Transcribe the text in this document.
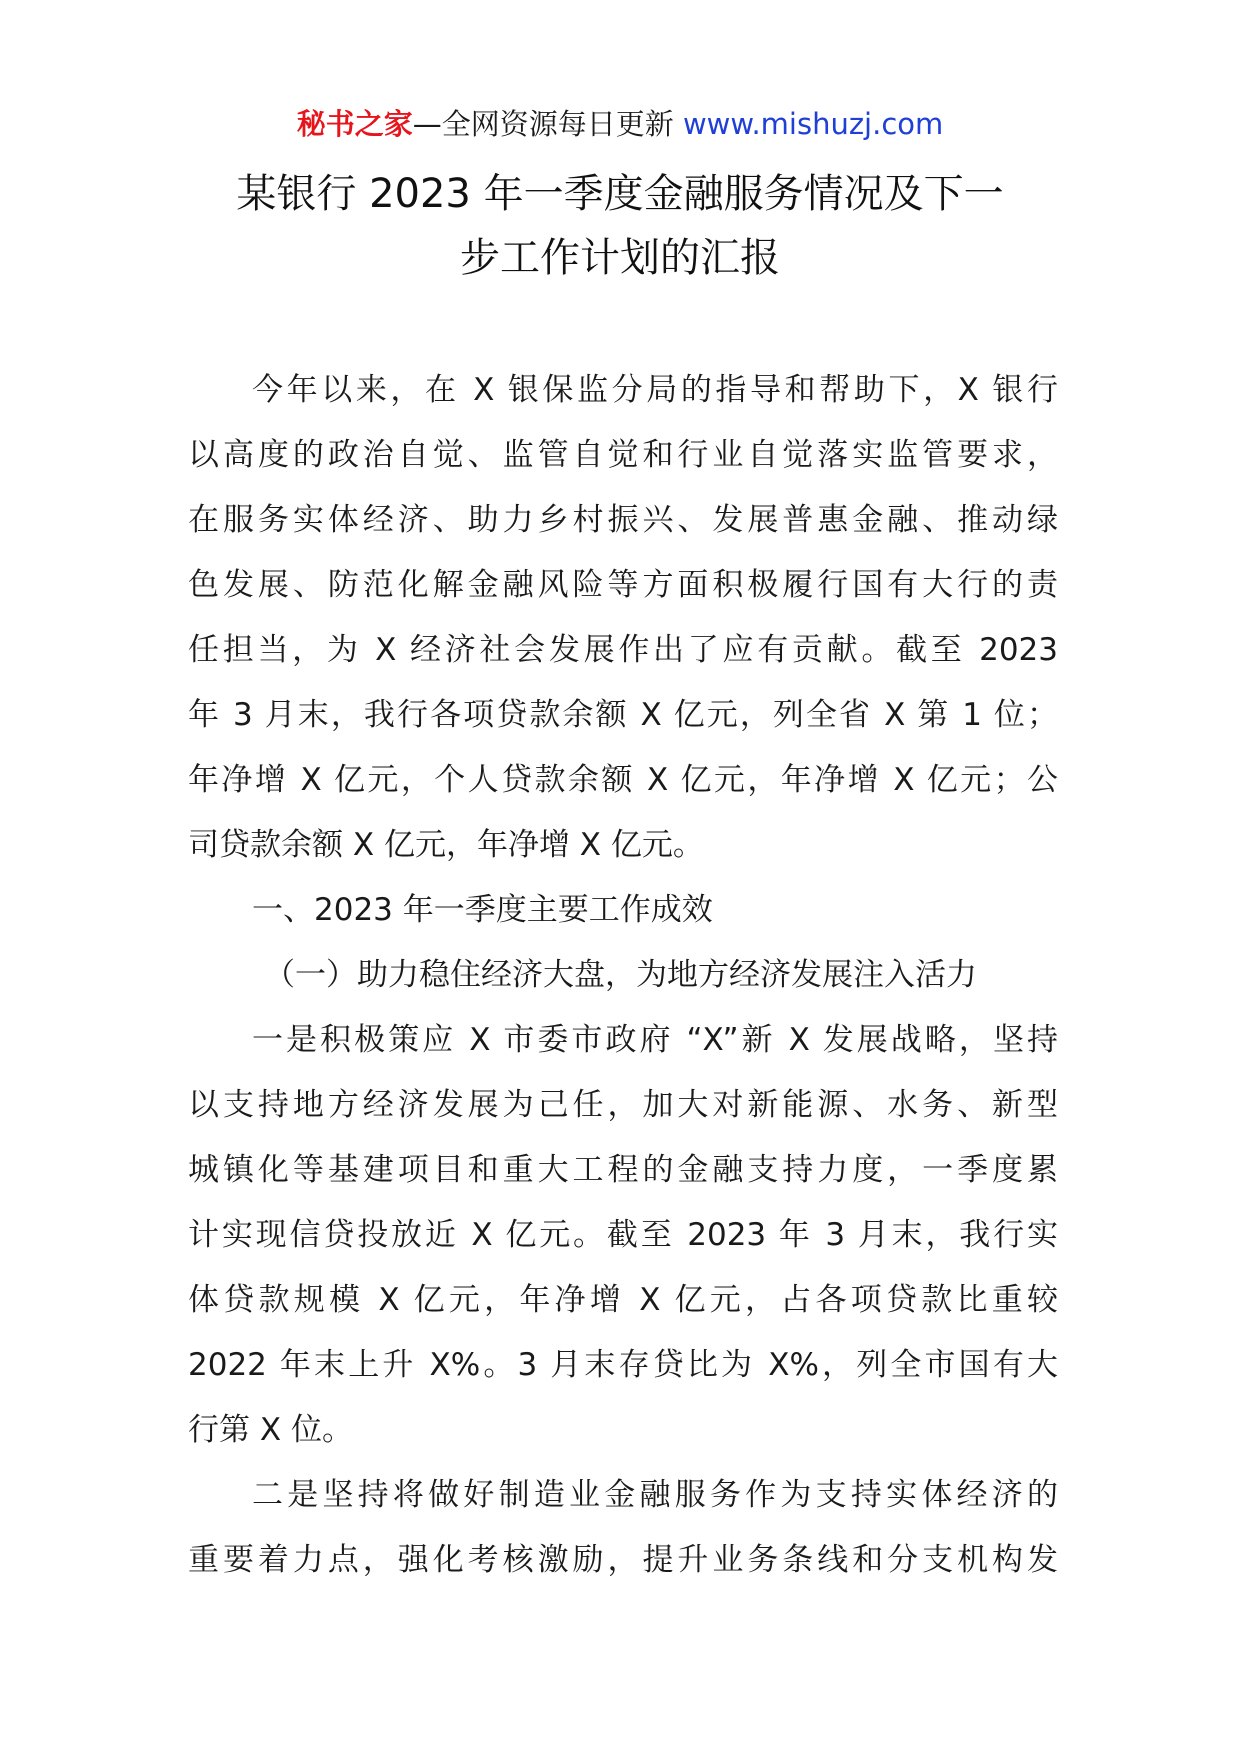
秘书之家—全网资源每日更新 www.mishuzj.com
某银行 2023 年一季度金融服务情况及下一
步工作计划的汇报
今年以来，在 X 银保监分局的指导和帮助下，X 银行
以高度的政治自觉、监管自觉和行业自觉落实监管要求，
在服务实体经济、助力乡村振兴、发展普惠金融、推动绿
色发展、防范化解金融风险等方面积极履行国有大行的责
任担当，为 X 经济社会发展作出了应有贡献。截至 2023
年 3 月末，我行各项贷款余额 X 亿元，列全省 X 第 1 位；
年净增 X 亿元，个人贷款余额 X 亿元，年净增 X 亿元；公
司贷款余额 X 亿元，年净增 X 亿元。
一、2023 年一季度主要工作成效
（一）助力稳住经济大盘，为地方经济发展注入活力
一是积极策应 X 市委市政府 “X”新 X 发展战略，坚持
以支持地方经济发展为己任，加大对新能源、水务、新型
城镇化等基建项目和重大工程的金融支持力度，一季度累
计实现信贷投放近 X 亿元。截至 2023 年 3 月末，我行实
体贷款规模 X 亿元，年净增 X 亿元，占各项贷款比重较
2022 年末上升 X%。3 月末存贷比为 X%，列全市国有大
行第 X 位。
二是坚持将做好制造业金融服务作为支持实体经济的
重要着力点，强化考核激励，提升业务条线和分支机构发
